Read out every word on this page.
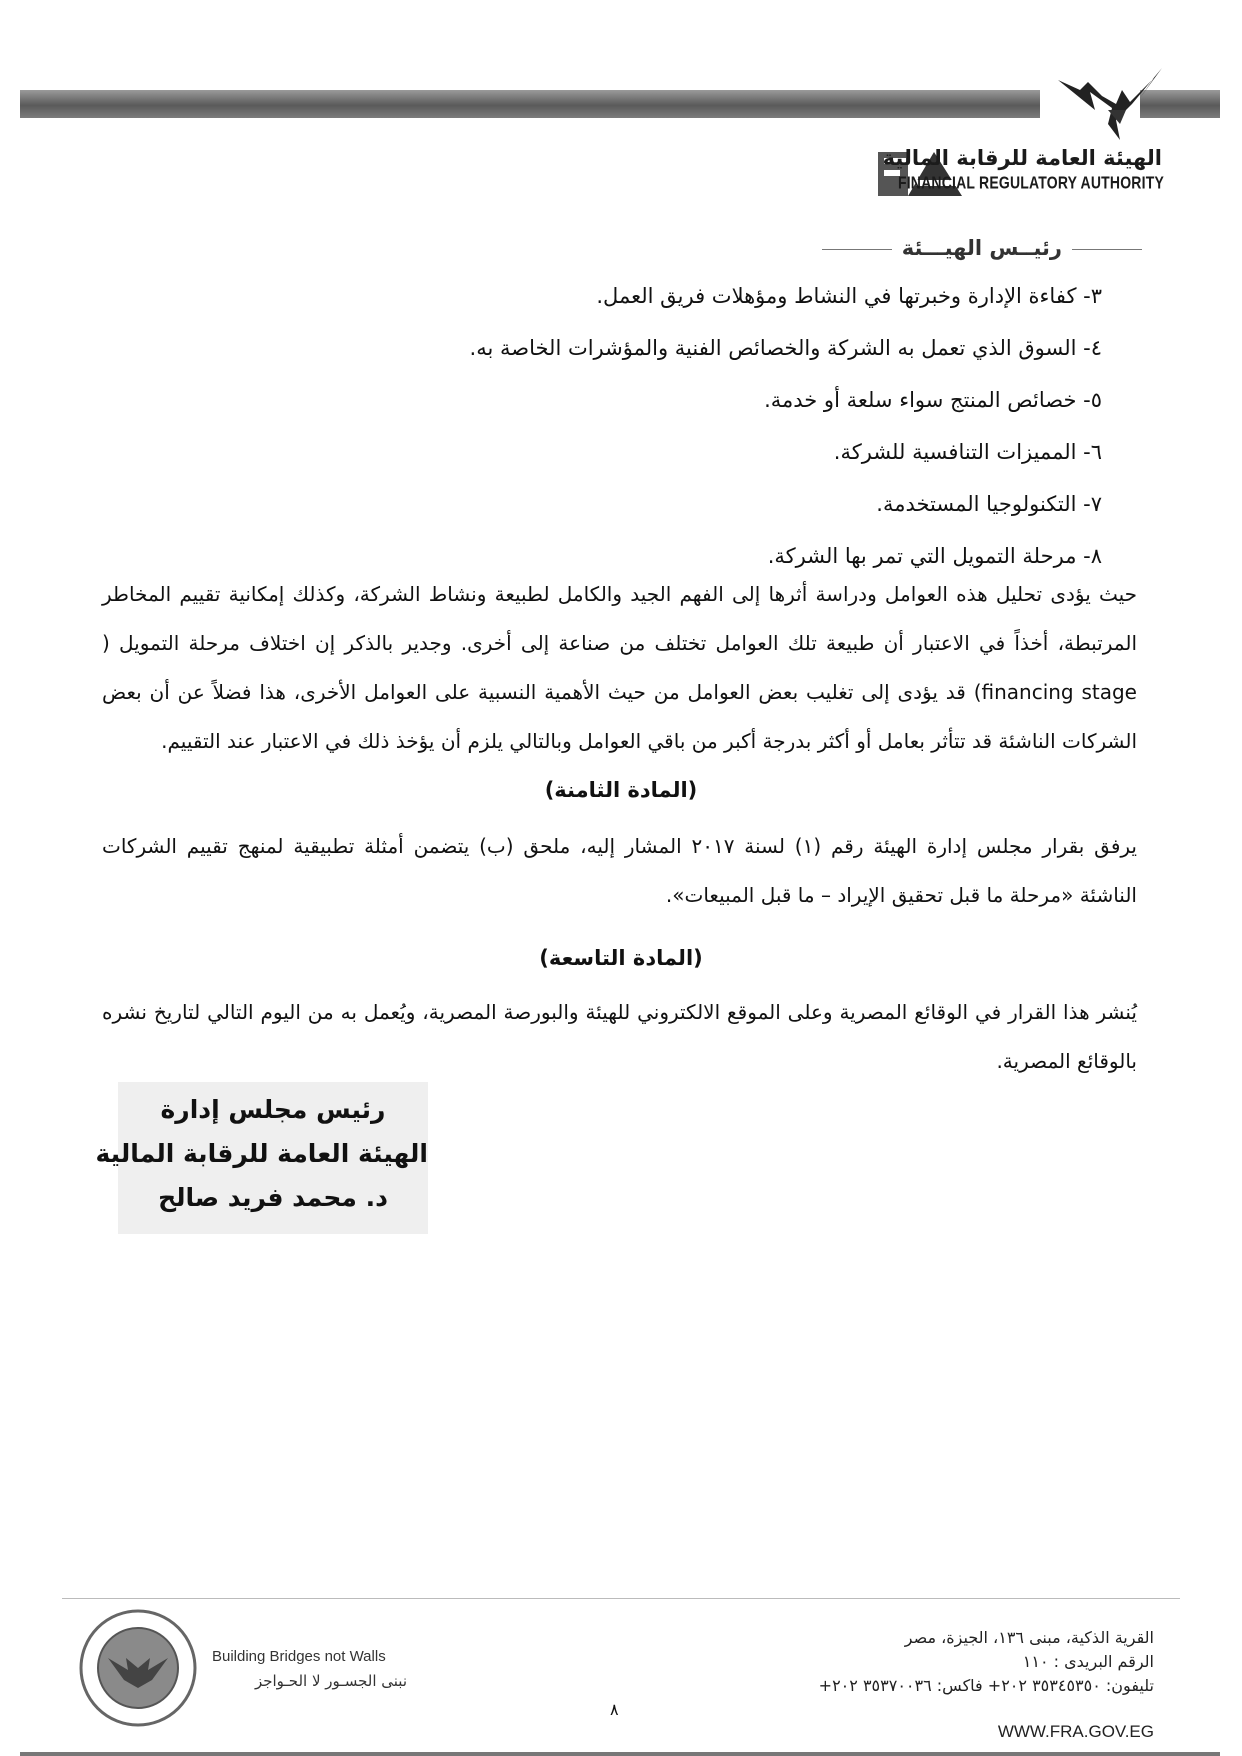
الهيئة العامة للرقابة المالية
FINANCIAL REGULATORY AUTHORITY
رئيــس الهيـــئة
٣- كفاءة الإدارة وخبرتها في النشاط ومؤهلات فريق العمل.
٤- السوق الذي تعمل به الشركة والخصائص الفنية والمؤشرات الخاصة به.
٥- خصائص المنتج سواء سلعة أو خدمة.
٦- المميزات التنافسية للشركة.
٧- التكنولوجيا المستخدمة.
٨- مرحلة التمويل التي تمر بها الشركة.
حيث يؤدى تحليل هذه العوامل ودراسة أثرها إلى الفهم الجيد والكامل لطبيعة ونشاط الشركة، وكذلك إمكانية تقييم المخاطر المرتبطة، أخذاً في الاعتبار أن طبيعة تلك العوامل تختلف من صناعة إلى أخرى. وجدير بالذكر إن اختلاف مرحلة التمويل ( financing stage) قد يؤدى إلى تغليب بعض العوامل من حيث الأهمية النسبية على العوامل الأخرى، هذا فضلاً عن أن بعض الشركات الناشئة قد تتأثر بعامل أو أكثر بدرجة أكبر من باقي العوامل وبالتالي يلزم أن يؤخذ ذلك في الاعتبار عند التقييم.
(المادة الثامنة)
يرفق بقرار مجلس إدارة الهيئة رقم (١) لسنة ٢٠١٧ المشار إليه، ملحق (ب) يتضمن أمثلة تطبيقية لمنهج تقييم الشركات الناشئة «مرحلة ما قبل تحقيق الإيراد – ما قبل المبيعات».
(المادة التاسعة)
يُنشر هذا القرار في الوقائع المصرية وعلى الموقع الالكتروني للهيئة والبورصة المصرية، ويُعمل به من اليوم التالي لتاريخ نشره بالوقائع المصرية.
رئيس مجلس إدارة
الهيئة العامة للرقابة المالية
د. محمد فريد صالح
Building Bridges not Walls
نبنى الجسـور لا الحـواجز
٨
القرية الذكية، مبنى ١٣٦، الجيزة، مصر
الرقم البريدى : ١١٠
تليفون: ٣٥٣٤٥٣٥٠ ٢٠٢+ فاكس: ٣٥٣٧٠٠٣٦ ٢٠٢+
WWW.FRA.GOV.EG
